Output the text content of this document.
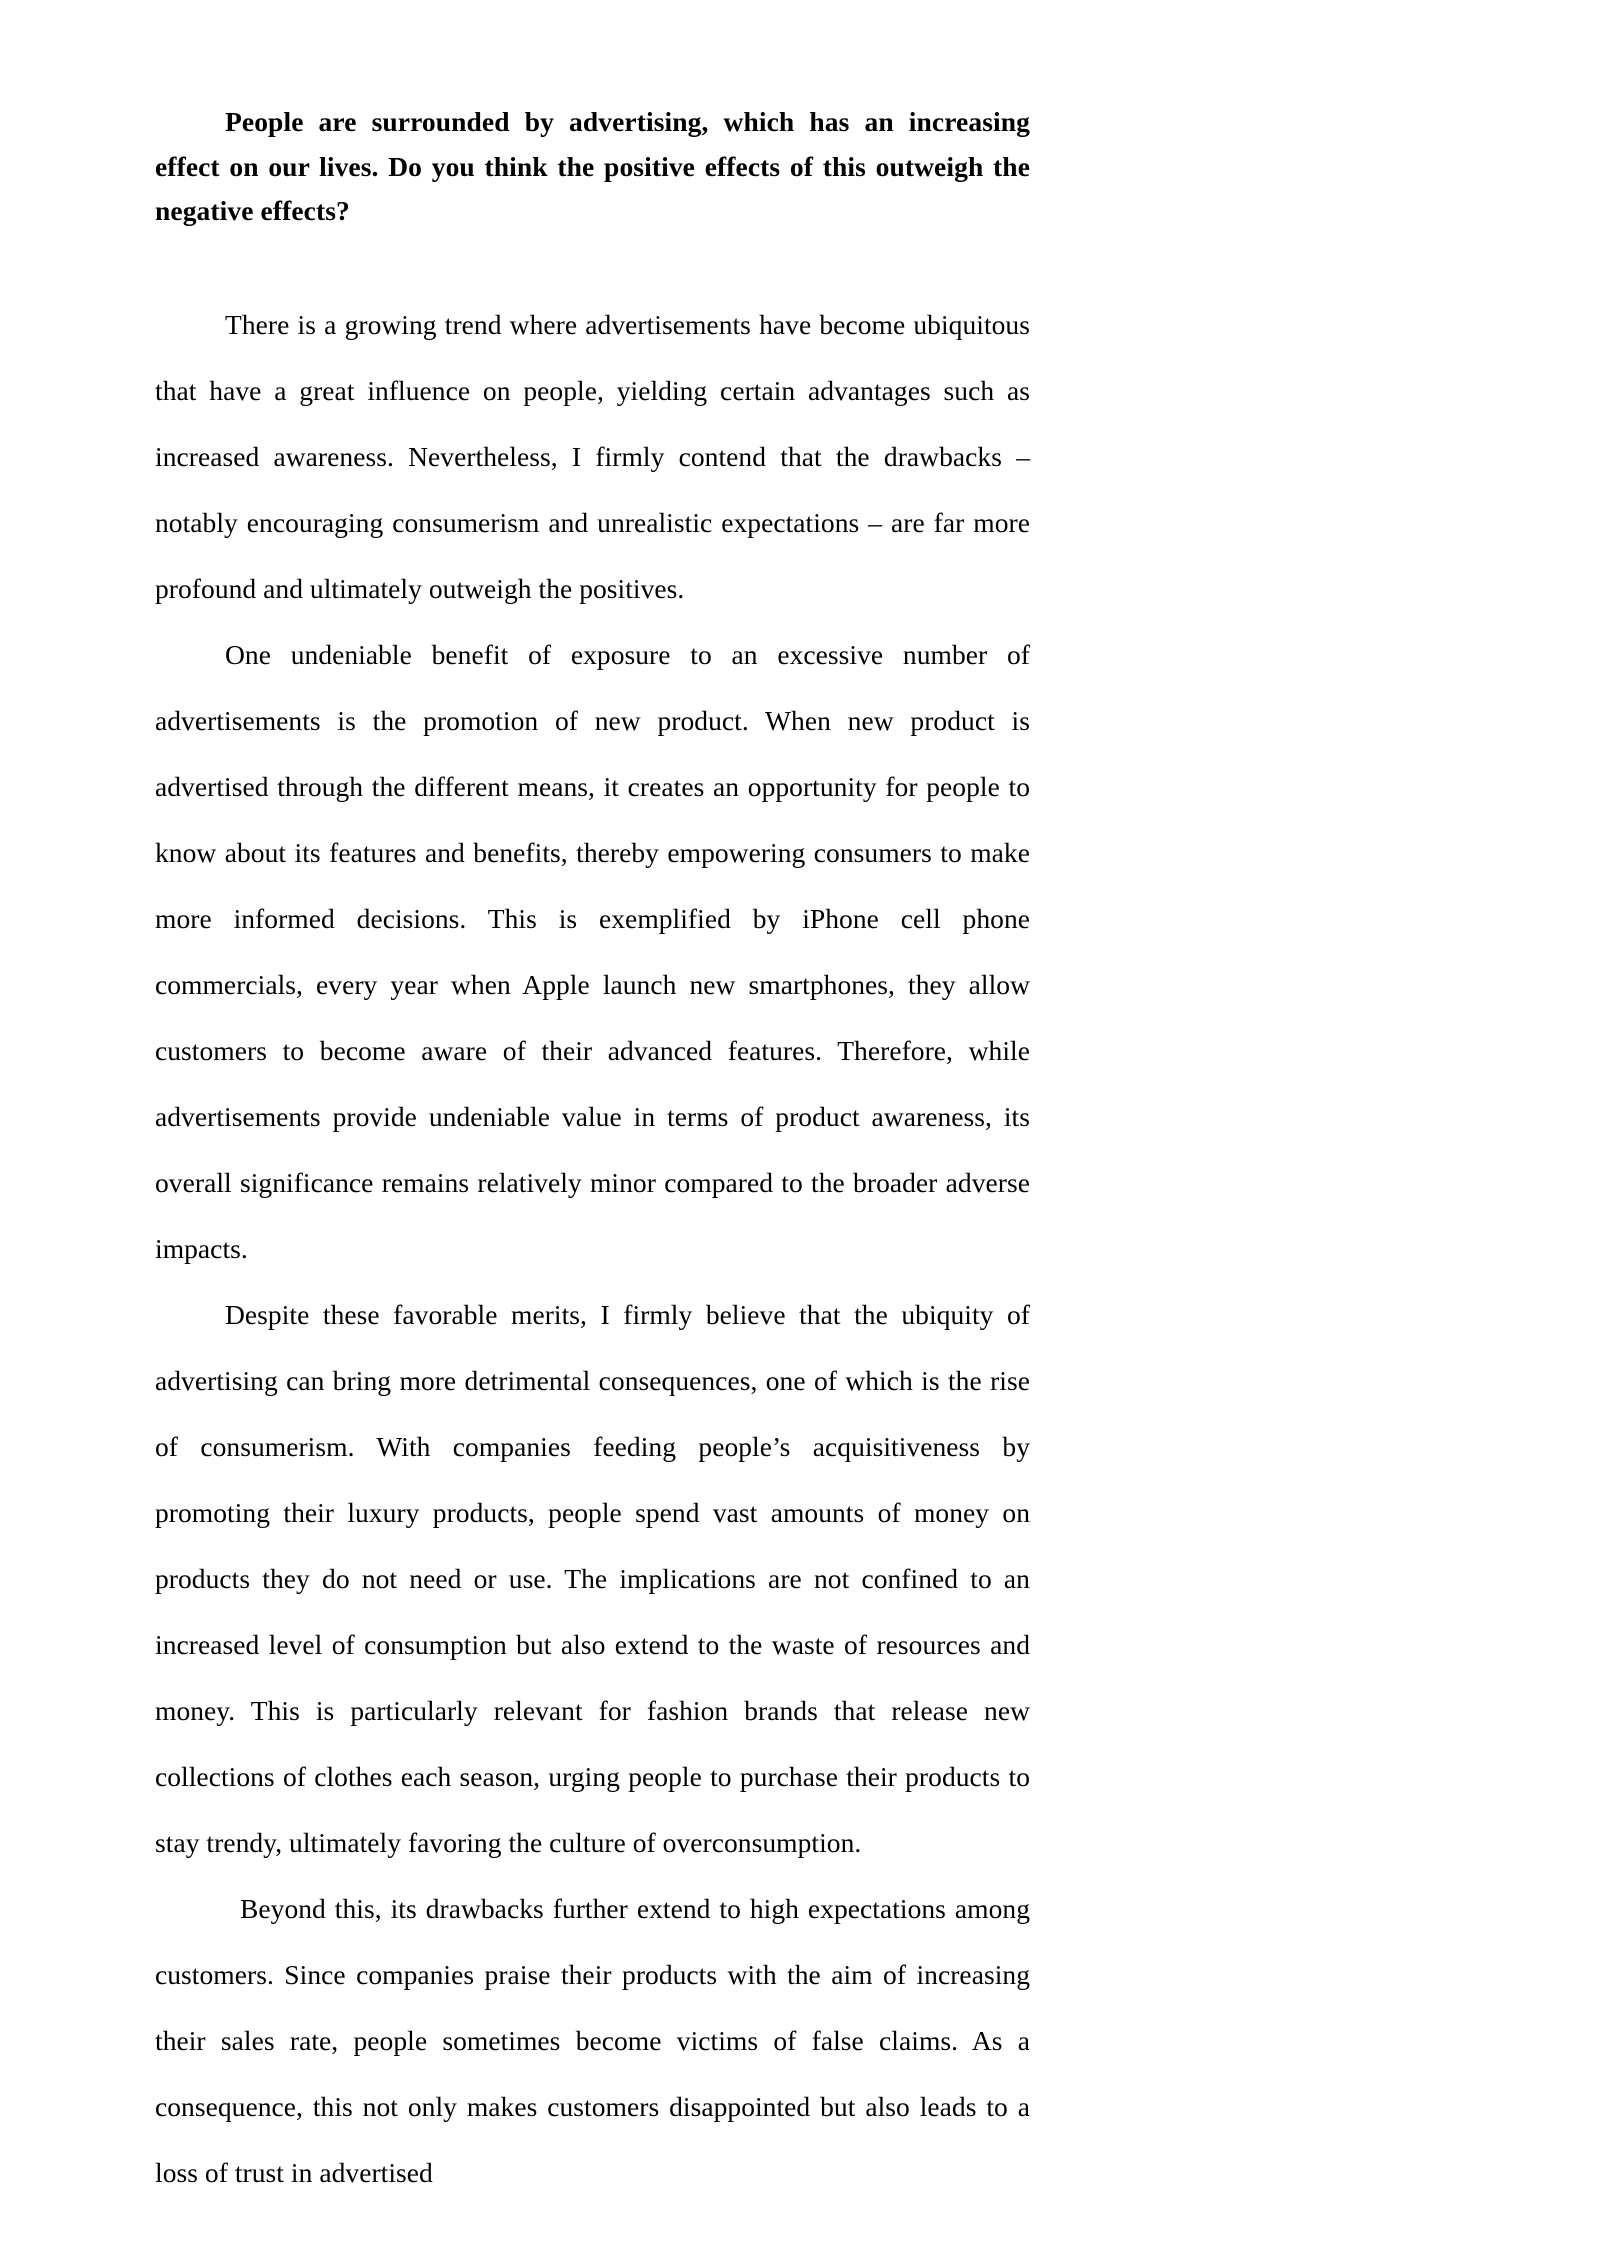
People are surrounded by advertising, which has an increasing effect on our lives. Do you think the positive effects of this outweigh the negative effects?

There is a growing trend where advertisements have become ubiquitous that have a great influence on people, yielding certain advantages such as increased awareness. Nevertheless, I firmly contend that the drawbacks – notably encouraging consumerism and unrealistic expectations – are far more profound and ultimately outweigh the positives.

One undeniable benefit of exposure to an excessive number of advertisements is the promotion of new product. When new product is advertised through the different means, it creates an opportunity for people to know about its features and benefits, thereby empowering consumers to make more informed decisions. This is exemplified by iPhone cell phone commercials, every year when Apple launch new smartphones, they allow customers to become aware of their advanced features. Therefore, while advertisements provide undeniable value in terms of product awareness, its overall significance remains relatively minor compared to the broader adverse impacts.

Despite these favorable merits, I firmly believe that the ubiquity of advertising can bring more detrimental consequences, one of which is the rise of consumerism. With companies feeding people’s acquisitiveness by promoting their luxury products, people spend vast amounts of money on products they do not need or use. The implications are not confined to an increased level of consumption but also extend to the waste of resources and money. This is particularly relevant for fashion brands that release new collections of clothes each season, urging people to purchase their products to stay trendy, ultimately favoring the culture of overconsumption.

Beyond this, its drawbacks further extend to high expectations among customers. Since companies praise their products with the aim of increasing their sales rate, people sometimes become victims of false claims. As a consequence, this not only makes customers disappointed but also leads to a loss of trust in advertised
